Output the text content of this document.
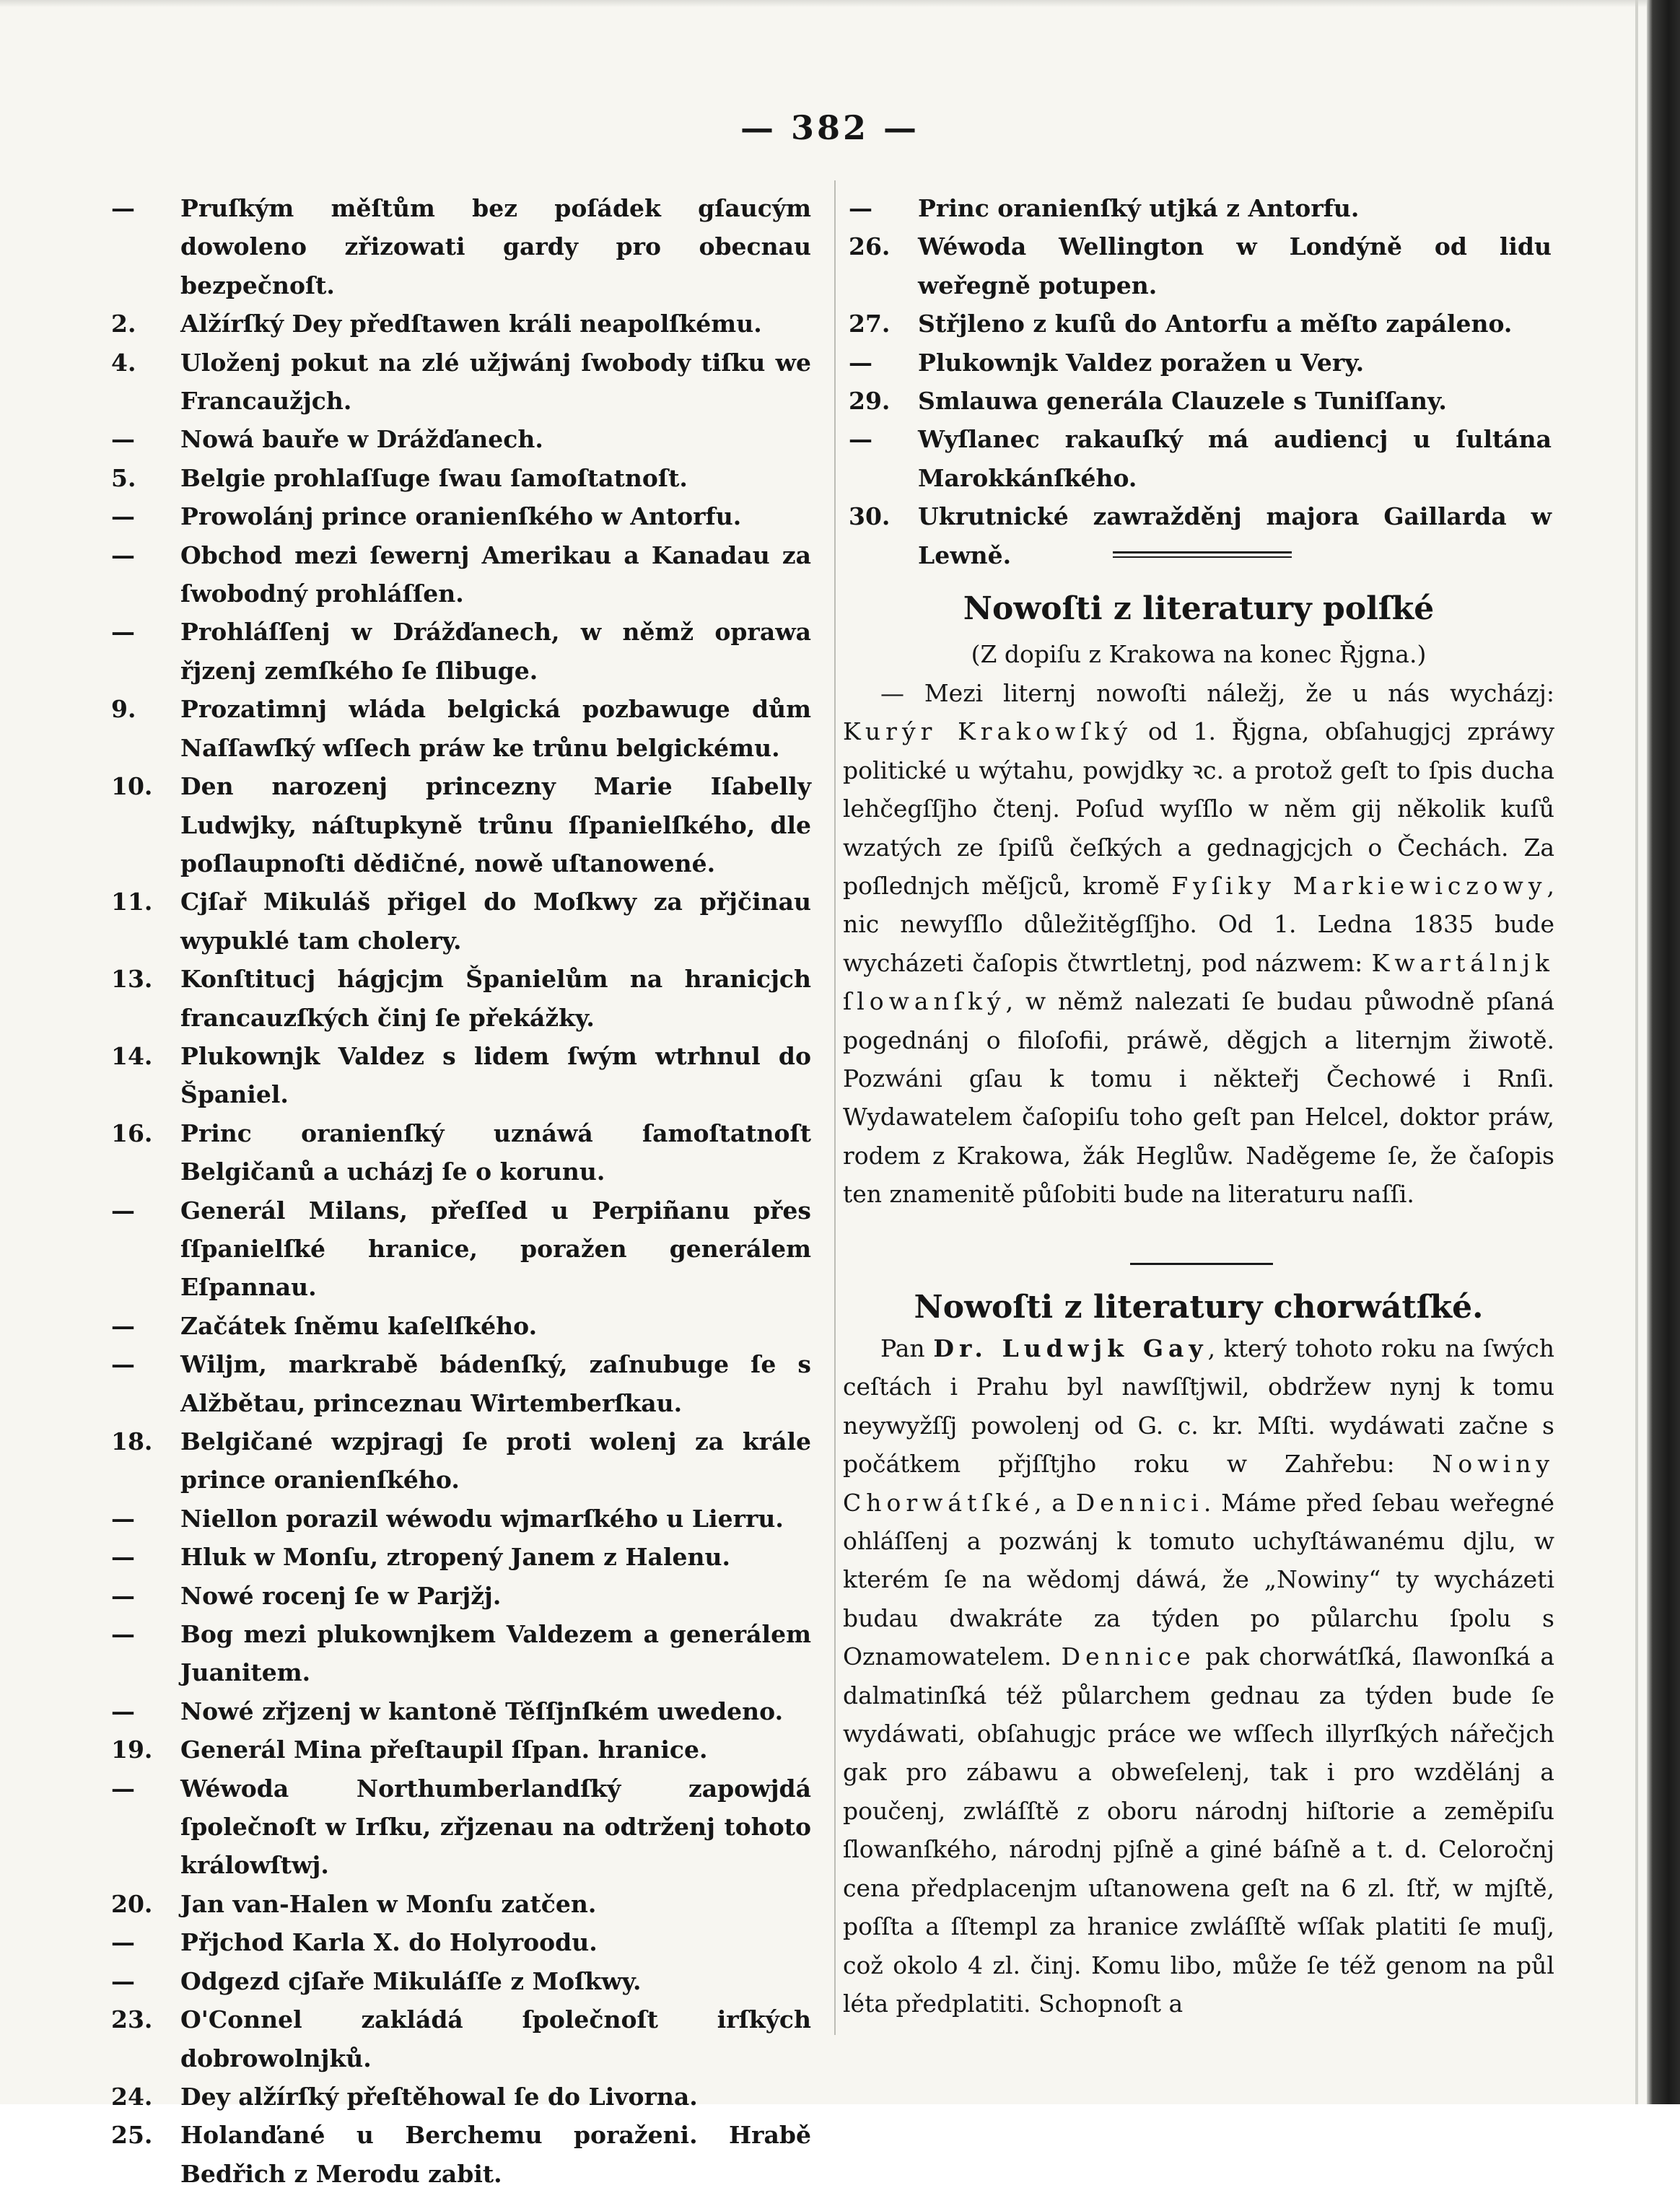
— 382 —
—	Pruſkým měſtům bez poſádek gſaucým dowoleno zřizowati gardy pro obecnau bezpečnoſt.
2.	Alžírſký Dey předſtawen králi neapolſkému.
4.	Uloženj pokut na zlé užjwánj ſwobody tiſku we Francaužjch.
—	Nowá bauře w Drážďanech.
5.	Belgie prohlaſſuge ſwau ſamoſtatnoſt.
—	Prowolánj prince oranienſkého w Antorfu.
—	Obchod mezi ſewernj Amerikau a Kanadau za ſwobodný prohláſſen.
—	Prohláſſenj w Drážďanech, w němž oprawa řjzenj zemſkého ſe ſlibuge.
9.	Prozatimnj wláda belgická pozbawuge dům Naſſawſký wſſech práw ke trůnu belgickému.
10.	Den narozenj princezny Marie Iſabelly Ludwjky, náſtupkyně trůnu ſſpanielſkého, dle poſlaupnoſti dědičné, nowě uſtanowené.
11.	Cjſař Mikuláš přigel do Moſkwy za přjčinau wypuklé tam cholery.
13.	Konſtitucj hágjcjm Španielům na hranicjch francauzſkých činj ſe překážky.
14.	Plukownjk Valdez s lidem ſwým wtrhnul do Španiel.
16.	Princ oranienſký uznáwá ſamoſtatnoſt Belgičanů a ucházj ſe o korunu.
—	Generál Milans, přeſſed u Perpiñanu přes ſſpanielſké hranice, poražen generálem Eſpannau.
—	Začátek ſněmu kaſelſkého.
—	Wiljm, markrabě bádenſký, zaſnubuge ſe s Alžbětau, princeznau Wirtemberſkau.
18.	Belgičané wzpjragj ſe proti wolenj za krále prince oranienſkého.
—	Niellon porazil wéwodu wjmarſkého u Lierru.
—	Hluk w Monſu, ztropený Janem z Halenu.
—	Nowé rocenj ſe w Parjžj.
—	Bog mezi plukownjkem Valdezem a generálem Juanitem.
—	Nowé zřjzenj w kantoně Těſſjnſkém uwedeno.
19.	Generál Mina přeſtaupil ſſpan. hranice.
—	Wéwoda Northumberlandſký zapowjdá ſpolečnoſt w Irſku, zřjzenau na odtrženj tohoto králowſtwj.
20.	Jan van-Halen w Monſu zatčen.
—	Přjchod Karla X. do Holyroodu.
—	Odgezd cjſaře Mikuláſſe z Moſkwy.
23.	O'Connel zakládá ſpolečnoſt irſkých dobrowolnjků.
24.	Dey alžírſký přeſtěhowal ſe do Livorna.
25.	Holanďané u Berchemu poraženi. Hrabě Bedřich z Merodu zabit.
—	Princ oranienſký utjká z Antorfu.
26.	Wéwoda Wellington w Londýně od lidu weřegně potupen.
27.	Střjleno z kuſů do Antorfu a měſto zapáleno.
—	Plukownjk Valdez poražen u Very.
29.	Smlauwa generála Clauzele s Tuniſſany.
—	Wyſlanec rakauſký má audiencj u ſultána Marokkánſkého.
30.	Ukrutnické zawražděnj majora Gaillarda w Lewně.
Nowoſti z literatury polſké
(Z dopiſu z Krakowa na konec Řjgna.)

— Mezi liternj nowoſti náležj, že u nás wycházj: Kurýr Krakowſký od 1. Řjgna, obſahugjcj zpráwy politické u wýtahu, powjdky ꝛc. a protož geſt to ſpis ducha lehčegſſjho čtenj. Poſud wyſſlo w něm gij několik kuſů wzatých ze ſpiſů čeſkých a gednagjcjch o Čechách. Za poſlednjch měſjců, kromě Fyſiky Markiewiczowy, nic newyſſlo důležitěgſſjho. Od 1. Ledna 1835 bude wycházeti čaſopis čtwrtletnj, pod názwem: Kwartálnjk ſlowanſký, w němž nalezati ſe budau půwodně pſaná pogednánj o filoſofii, práwě, děgjch a liternjm žiwotě. Pozwáni gſau k tomu i někteřj Čechowé i Rnſi. Wydawatelem čaſopiſu toho geſt pan Helcel, doktor práw, rodem z Krakowa, žák Heglůw. Naděgeme ſe, že čaſopis ten znamenitě půſobiti bude na literaturu naſſi.

Nowoſti z literatury chorwátſké.

Pan Dr. Ludwjk Gay, který tohoto roku na ſwých ceſtách i Prahu byl nawſſtjwil, obdržew nynj k tomu neywyžſſj powolenj od G. c. kr. Mſti. wydáwati začne s počátkem přjſſtjho roku w Zahřebu: Nowiny Chorwátſké, a Dennici. Máme před ſebau weřegné ohláſſenj a pozwánj k tomuto uchyſtáwanému djlu, w kterém ſe na wědomj dáwá, že „Nowiny“ ty wycházeti budau dwakráte za týden po půlarchu ſpolu s Oznamowatelem. Dennice pak chorwátſká, ſlawonſká a dalmatinſká též půlarchem gednau za týden bude ſe wydáwati, obſahugjc práce we wſſech illyrſkých nářečjch gak pro zábawu a obweſelenj, tak i pro wzdělánj a poučenj, zwláſſtě z oboru národnj hiſtorie a zeměpiſu ſlowanſkého, národnj pjſně a giné báſně a t. d. Celoročnj cena předplacenjm uſtanowena geſt na 6 zl. ſtř, w mjſtě, poſſta a ſſtempl za hranice zwláſſtě wſſak platiti ſe muſj, což okolo 4 zl. činj. Komu libo, může ſe též genom na půl léta předplatiti. Schopnoſt a
